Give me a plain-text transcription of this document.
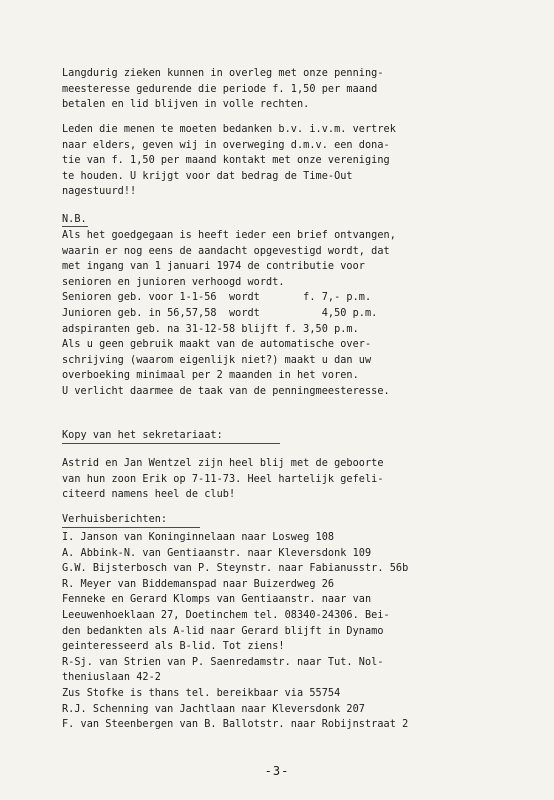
Langdurig zieken kunnen in overleg met onze penning-
meesteresse gedurende die periode f. 1,50 per maand
betalen en lid blijven in volle rechten.
Leden die menen te moeten bedanken b.v. i.v.m. vertrek
naar elders, geven wij in overweging d.m.v. een dona-
tie van f. 1,50 per maand kontakt met onze vereniging
te houden. U krijgt voor dat bedrag de Time-Out
nagestuurd!!
N.B.
Als het goedgegaan is heeft ieder een brief ontvangen,
waarin er nog eens de aandacht opgevestigd wordt, dat
met ingang van 1 januari 1974 de contributie voor
senioren en junioren verhoogd wordt.
Senioren geb. voor 1-1-56  wordt       f. 7,- p.m.
Junioren geb. in 56,57,58  wordt          4,50 p.m.
adspiranten geb. na 31-12-58 blijft f. 3,50 p.m.
Als u geen gebruik maakt van de automatische over-
schrijving (waarom eigenlijk niet?) maakt u dan uw
overboeking minimaal per 2 maanden in het voren.
U verlicht daarmee de taak van de penningmeesteresse.
Kopy van het sekretariaat:
Astrid en Jan Wentzel zijn heel blij met de geboorte
van hun zoon Erik op 7-11-73. Heel hartelijk gefeli-
citeerd namens heel de club!
Verhuisberichten:
I. Janson van Koninginnelaan naar Losweg 108
A. Abbink-N. van Gentiaanstr. naar Kleversdonk 109
G.W. Bijsterbosch van P. Steynstr. naar Fabianusstr. 56b
R. Meyer van Biddemanspad naar Buizerdweg 26
Fenneke en Gerard Klomps van Gentiaanstr. naar van
Leeuwenhoeklaan 27, Doetinchem tel. 08340-24306. Bei-
den bedankten als A-lid naar Gerard blijft in Dynamo
geinteresseerd als B-lid. Tot ziens!
R-Sj. van Strien van P. Saenredamstr. naar Tut. Nol-
theniuslaan 42-2
Zus Stofke is thans tel. bereikbaar via 55754
R.J. Schenning van Jachtlaan naar Kleversdonk 207
F. van Steenbergen van B. Ballotstr. naar Robijnstraat 2
-3-
